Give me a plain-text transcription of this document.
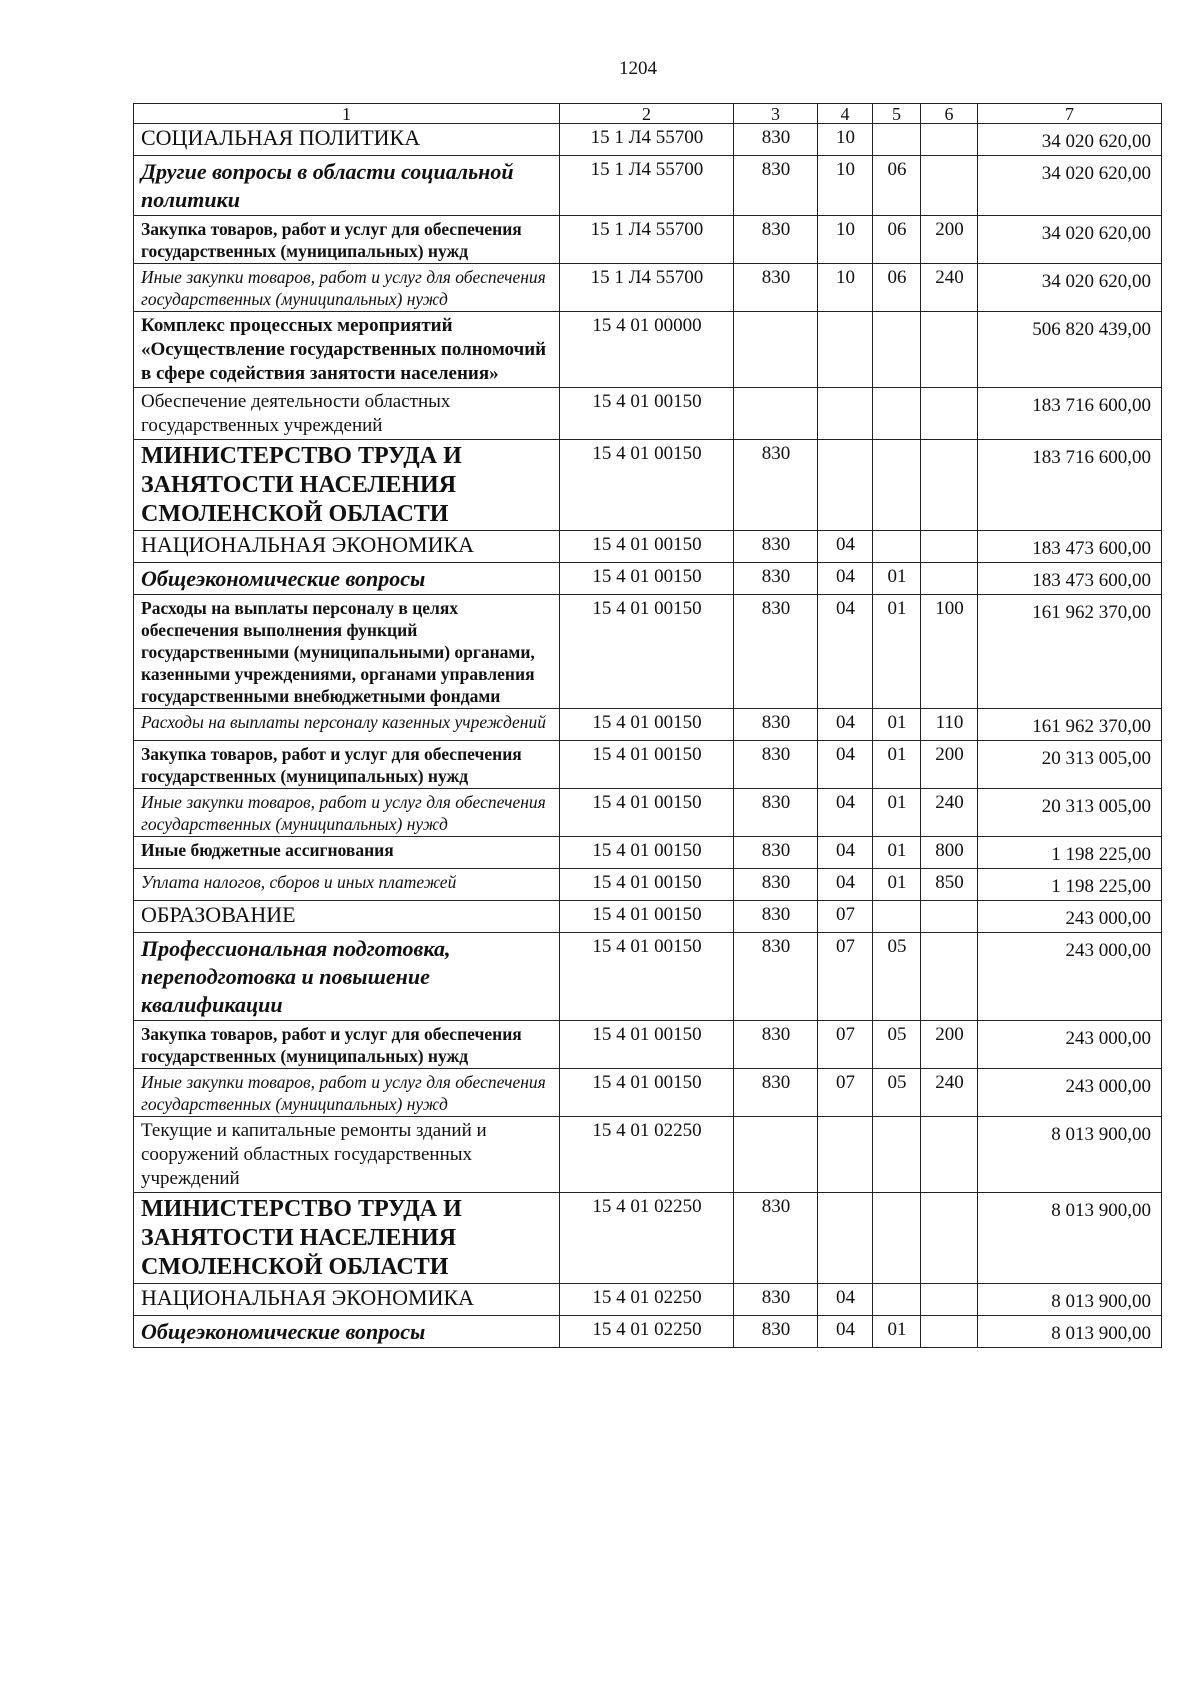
1204
1	2	3	4	5	6	7
СОЦИАЛЬНАЯ ПОЛИТИКА	15 1 Л4 55700	830	10			34 020 620,00
Другие вопросы в области социальной политики	15 1 Л4 55700	830	10	06		34 020 620,00
Закупка товаров, работ и услуг для обеспечения государственных (муниципальных) нужд	15 1 Л4 55700	830	10	06	200	34 020 620,00
Иные закупки товаров, работ и услуг для обеспечения государственных (муниципальных) нужд	15 1 Л4 55700	830	10	06	240	34 020 620,00
Комплекс процессных мероприятий «Осуществление государственных полномочий в сфере содействия занятости населения»	15 4 01 00000					506 820 439,00
Обеспечение деятельности областных государственных учреждений	15 4 01 00150					183 716 600,00
МИНИСТЕРСТВО ТРУДА И ЗАНЯТОСТИ НАСЕЛЕНИЯ СМОЛЕНСКОЙ ОБЛАСТИ	15 4 01 00150	830				183 716 600,00
НАЦИОНАЛЬНАЯ ЭКОНОМИКА	15 4 01 00150	830	04			183 473 600,00
Общеэкономические вопросы	15 4 01 00150	830	04	01		183 473 600,00
Расходы на выплаты персоналу в целях обеспечения выполнения функций государственными (муниципальными) органами, казенными учреждениями, органами управления государственными внебюджетными фондами	15 4 01 00150	830	04	01	100	161 962 370,00
Расходы на выплаты персоналу казенных учреждений	15 4 01 00150	830	04	01	110	161 962 370,00
Закупка товаров, работ и услуг для обеспечения государственных (муниципальных) нужд	15 4 01 00150	830	04	01	200	20 313 005,00
Иные закупки товаров, работ и услуг для обеспечения государственных (муниципальных) нужд	15 4 01 00150	830	04	01	240	20 313 005,00
Иные бюджетные ассигнования	15 4 01 00150	830	04	01	800	1 198 225,00
Уплата налогов, сборов и иных платежей	15 4 01 00150	830	04	01	850	1 198 225,00
ОБРАЗОВАНИЕ	15 4 01 00150	830	07			243 000,00
Профессиональная подготовка, переподготовка и повышение квалификации	15 4 01 00150	830	07	05		243 000,00
Закупка товаров, работ и услуг для обеспечения государственных (муниципальных) нужд	15 4 01 00150	830	07	05	200	243 000,00
Иные закупки товаров, работ и услуг для обеспечения государственных (муниципальных) нужд	15 4 01 00150	830	07	05	240	243 000,00
Текущие и капитальные ремонты зданий и сооружений областных государственных учреждений	15 4 01 02250					8 013 900,00
МИНИСТЕРСТВО ТРУДА И ЗАНЯТОСТИ НАСЕЛЕНИЯ СМОЛЕНСКОЙ ОБЛАСТИ	15 4 01 02250	830				8 013 900,00
НАЦИОНАЛЬНАЯ ЭКОНОМИКА	15 4 01 02250	830	04			8 013 900,00
Общеэкономические вопросы	15 4 01 02250	830	04	01		8 013 900,00
